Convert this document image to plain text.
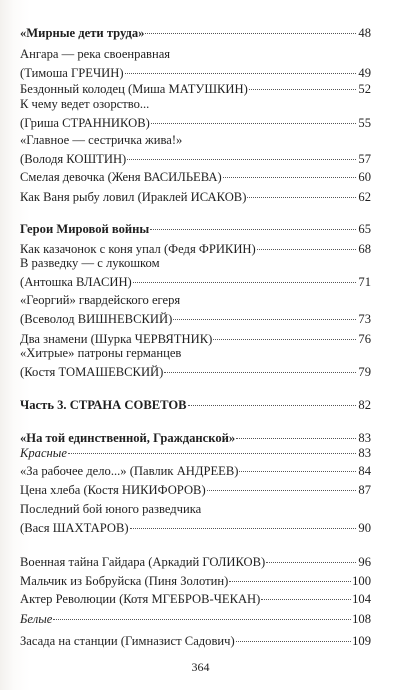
«Мирные дети труда»	48
Ангара — река своенравная
(Тимоша ГРЕЧИН)	49
Бездонный колодец (Миша МАТУШКИН)	52
К чему ведет озорство...
(Гриша СТРАННИКОВ)	55
«Главное — сестричка жива!»
(Володя КОШТИН)	57
Смелая девочка (Женя ВАСИЛЬЕВА)	60
Как Ваня рыбу ловил (Ираклей ИСАКОВ)	62
Герои Мировой войны	65
Как казачонок с коня упал (Федя ФРИКИН)	68
В разведку — с лукошком
(Антошка ВЛАСИН)	71
«Георгий» гвардейского егеря
(Всеволод ВИШНЕВСКИЙ)	73
Два знамени (Шурка ЧЕРВЯТНИК)	76
«Хитрые» патроны германцев
(Костя ТОМАШЕВСКИЙ)	79
Часть 3. СТРАНА СОВЕТОВ	82
«На той единственной, Гражданской»	83
Красные	83
«За рабочее дело...» (Павлик АНДРЕЕВ)	84
Цена хлеба (Костя НИКИФОРОВ)	87
Последний бой юного разведчика
(Вася ШАХТАРОВ)	90
Военная тайна Гайдара (Аркадий ГОЛИКОВ)	96
Мальчик из Бобруйска (Пиня Золотин)	100
Актер Революции (Котя МГЕБРОВ-ЧЕКАН)	104
Белые	108
Засада на станции (Гимназист Садович)	109
364
